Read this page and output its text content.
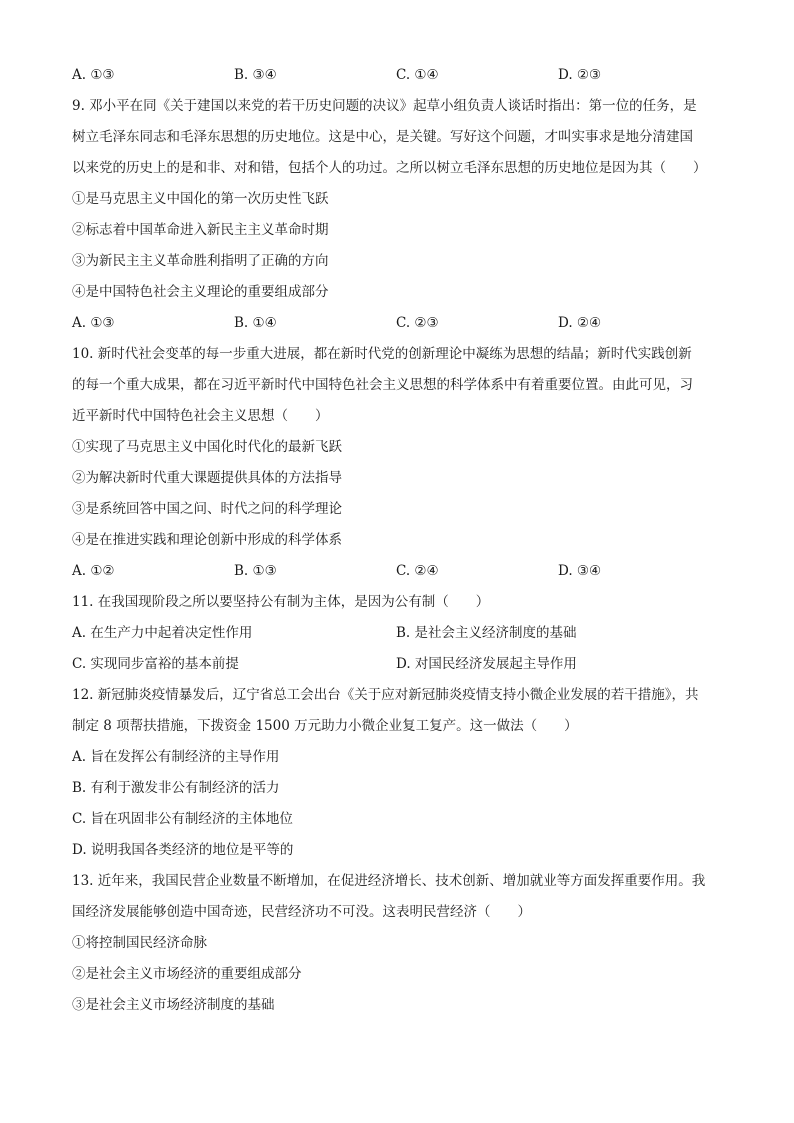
A. ①③	B. ③④	C. ①④	D. ②③
9. 邓小平在同《关于建国以来党的若干历史问题的决议》起草小组负责人谈话时指出：第一位的任务，是
树立毛泽东同志和毛泽东思想的历史地位。这是中心，是关键。写好这个问题，才叫实事求是地分清建国
以来党的历史上的是和非、对和错，包括个人的功过。之所以树立毛泽东思想的历史地位是因为其（　　）
①是马克思主义中国化的第一次历史性飞跃
②标志着中国革命进入新民主主义革命时期
③为新民主主义革命胜利指明了正确的方向
④是中国特色社会主义理论的重要组成部分
A. ①③	B. ①④	C. ②③	D. ②④
10. 新时代社会变革的每一步重大进展，都在新时代党的创新理论中凝练为思想的结晶；新时代实践创新
的每一个重大成果，都在习近平新时代中国特色社会主义思想的科学体系中有着重要位置。由此可见，习
近平新时代中国特色社会主义思想（　　）
①实现了马克思主义中国化时代化的最新飞跃
②为解决新时代重大课题提供具体的方法指导
③是系统回答中国之问、时代之问的科学理论
④是在推进实践和理论创新中形成的科学体系
A. ①②	B. ①③	C. ②④	D. ③④
11. 在我国现阶段之所以要坚持公有制为主体，是因为公有制（　　）
A. 在生产力中起着决定性作用	B. 是社会主义经济制度的基础
C. 实现同步富裕的基本前提	D. 对国民经济发展起主导作用
12. 新冠肺炎疫情暴发后，辽宁省总工会出台《关于应对新冠肺炎疫情支持小微企业发展的若干措施》，共
制定 8 项帮扶措施，下拨资金 1500 万元助力小微企业复工复产。这一做法（　　）
A. 旨在发挥公有制经济的主导作用
B. 有利于激发非公有制经济的活力
C. 旨在巩固非公有制经济的主体地位
D. 说明我国各类经济的地位是平等的
13. 近年来，我国民营企业数量不断增加，在促进经济增长、技术创新、增加就业等方面发挥重要作用。我
国经济发展能够创造中国奇迹，民营经济功不可没。这表明民营经济（　　）
①将控制国民经济命脉
②是社会主义市场经济的重要组成部分
③是社会主义市场经济制度的基础
